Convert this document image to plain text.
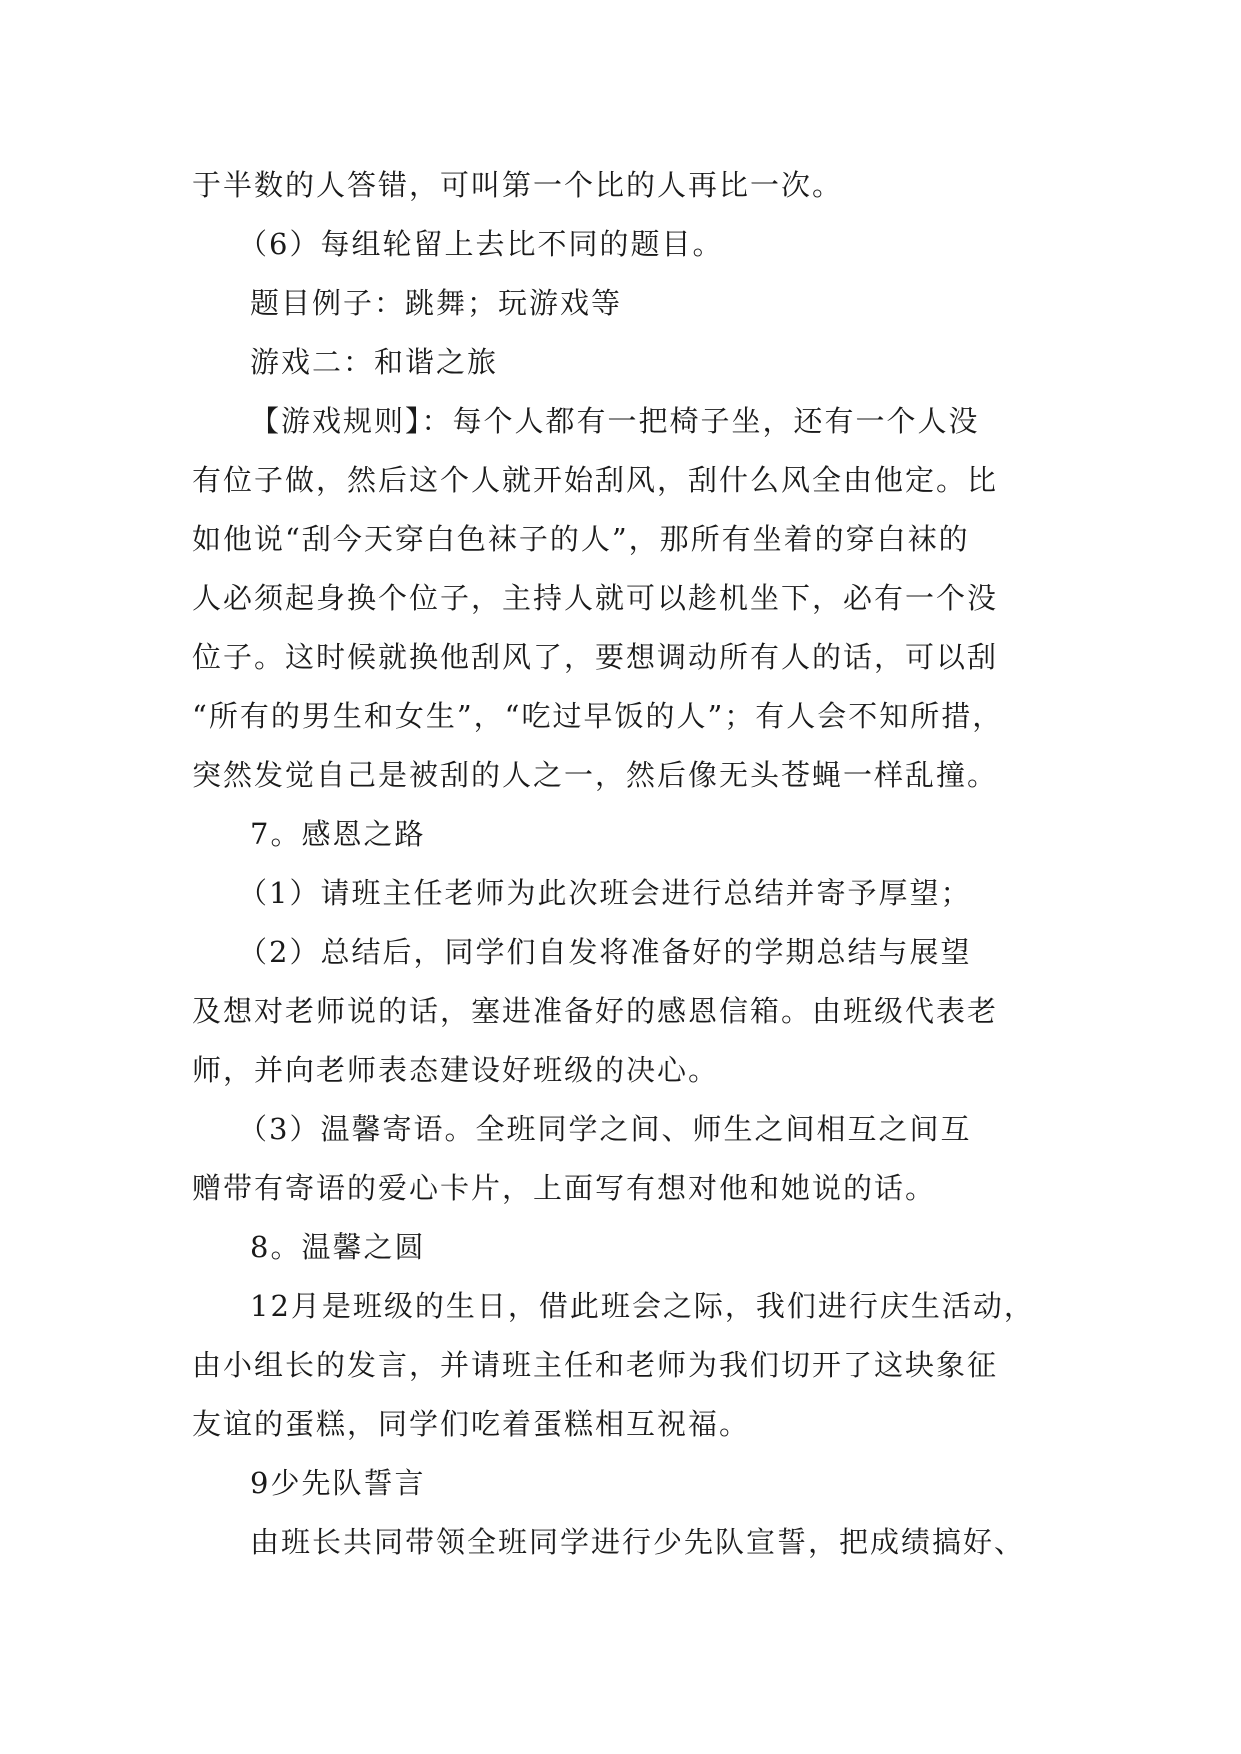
于半数的人答错，可叫第一个比的人再比一次。
（6）每组轮留上去比不同的题目。
题目例子：跳舞；玩游戏等
游戏二：和谐之旅
【游戏规则】：每个人都有一把椅子坐，还有一个人没
有位子做，然后这个人就开始刮风，刮什么风全由他定。比
如他说“刮今天穿白色袜子的人”，那所有坐着的穿白袜的
人必须起身换个位子，主持人就可以趁机坐下，必有一个没
位子。这时候就换他刮风了，要想调动所有人的话，可以刮
“所有的男生和女生”，“吃过早饭的人”；有人会不知所措，
突然发觉自己是被刮的人之一，然后像无头苍蝇一样乱撞。
7。感恩之路
（1）请班主任老师为此次班会进行总结并寄予厚望；
（2）总结后，同学们自发将准备好的学期总结与展望
及想对老师说的话，塞进准备好的感恩信箱。由班级代表老
师，并向老师表态建设好班级的决心。
（3）温馨寄语。全班同学之间、师生之间相互之间互
赠带有寄语的爱心卡片，上面写有想对他和她说的话。
8。温馨之圆
12月是班级的生日，借此班会之际，我们进行庆生活动，
由小组长的发言，并请班主任和老师为我们切开了这块象征
友谊的蛋糕，同学们吃着蛋糕相互祝福。
9少先队誓言
由班长共同带领全班同学进行少先队宣誓，把成绩搞好、
